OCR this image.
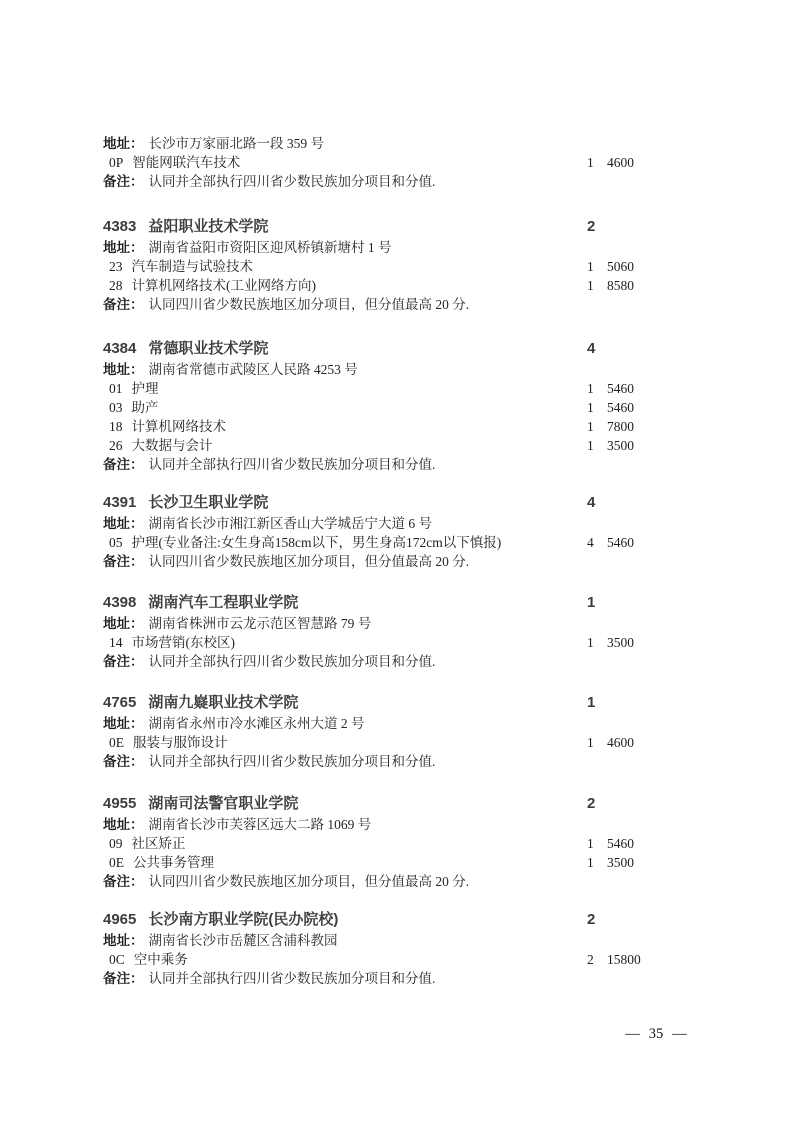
地址： 长沙市万家丽北路一段 359 号
0P 智能网联汽车技术	1 4600
备注： 认同并全部执行四川省少数民族加分项目和分值.
4383 益阳职业技术学院	2
地址： 湖南省益阳市资阳区迎风桥镇新塘村 1 号
23 汽车制造与试验技术	1 5060
28 计算机网络技术(工业网络方向)	1 8580
备注： 认同四川省少数民族地区加分项目，但分值最高 20 分.
4384 常德职业技术学院	4
地址： 湖南省常德市武陵区人民路 4253 号
01 护理	1 5460
03 助产	1 5460
18 计算机网络技术	1 7800
26 大数据与会计	1 3500
备注： 认同并全部执行四川省少数民族加分项目和分值.
4391 长沙卫生职业学院	4
地址： 湖南省长沙市湘江新区香山大学城岳宁大道 6 号
05 护理(专业备注:女生身高158cm以下，男生身高172cm以下慎报)	4 5460
备注： 认同四川省少数民族地区加分项目，但分值最高 20 分.
4398 湖南汽车工程职业学院	1
地址： 湖南省株洲市云龙示范区智慧路 79 号
14 市场营销(东校区)	1 3500
备注： 认同并全部执行四川省少数民族加分项目和分值.
4765 湖南九嶷职业技术学院	1
地址： 湖南省永州市冷水滩区永州大道 2 号
0E 服装与服饰设计	1 4600
备注： 认同并全部执行四川省少数民族加分项目和分值.
4955 湖南司法警官职业学院	2
地址： 湖南省长沙市芙蓉区远大二路 1069 号
09 社区矫正	1 5460
0E 公共事务管理	1 3500
备注： 认同四川省少数民族地区加分项目，但分值最高 20 分.
4965 长沙南方职业学院(民办院校)	2
地址： 湖南省长沙市岳麓区含浦科教园
0C 空中乘务	2 15800
备注： 认同并全部执行四川省少数民族加分项目和分值.
— 35 —
